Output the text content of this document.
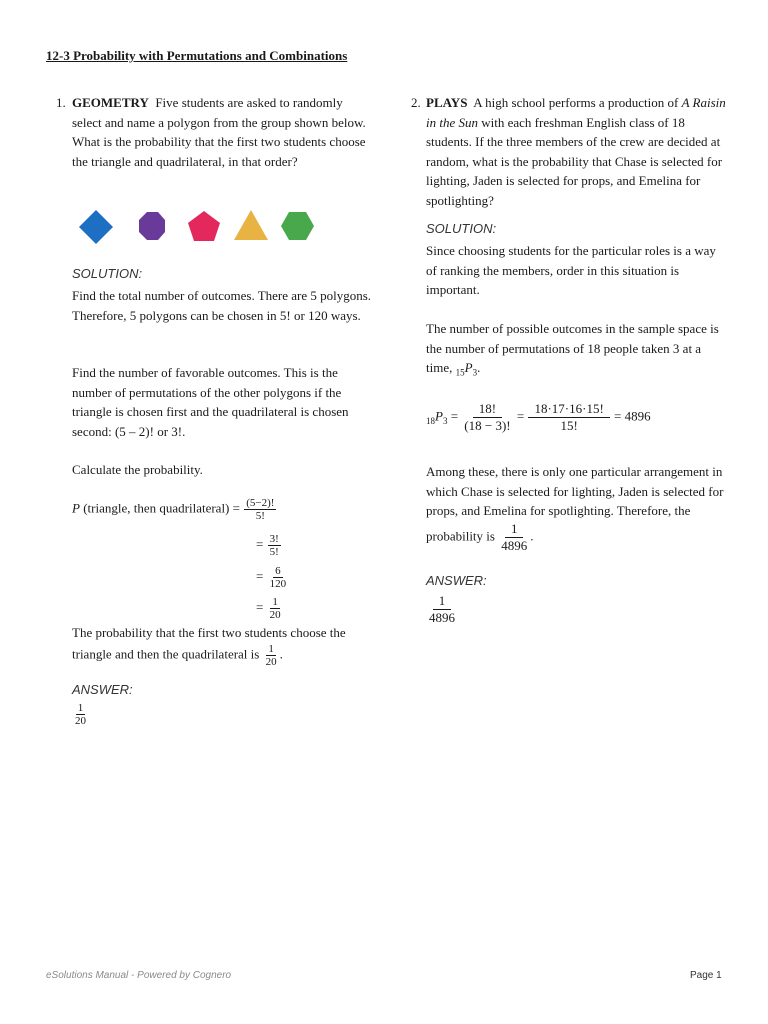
12-3 Probability with Permutations and Combinations
1. GEOMETRY Five students are asked to randomly select and name a polygon from the group shown below. What is the probability that the first two students choose the triangle and quadrilateral, in that order?

SOLUTION:

Find the total number of outcomes. There are 5 polygons. Therefore, 5 polygons can be chosen in 5! or 120 ways.

Find the number of favorable outcomes. This is the number of permutations of the other polygons if the triangle is chosen first and the quadrilateral is chosen second: (5 – 2)! or 3!.

Calculate the probability.

P (triangle, then quadrilateral) = $\frac{(5-2)!}{5!}$
= $\frac{3!}{5!}$
= $\frac{6}{120}$
= $\frac{1}{20}$

The probability that the first two students choose the triangle and then the quadrilateral is $\frac{1}{20}$ .

ANSWER:

$\frac{1}{20}$
2. PLAYS A high school performs a production of A Raisin in the Sun with each freshman English class of 18 students. If the three members of the crew are decided at random, what is the probability that Chase is selected for lighting, Jaden is selected for props, and Emelina for spotlighting?

SOLUTION:

Since choosing students for the particular roles is a way of ranking the members, order in this situation is important.

The number of possible outcomes in the sample space is the number of permutations of 18 people taken 3 at a time, $_{15}P_3$.

$_{18}P_3 = \frac{18!}{(18 - 3)!} = \frac{18\cdot 17\cdot 16\cdot 15!}{15!} = 4896$

Among these, there is only one particular arrangement in which Chase is selected for lighting, Jaden is selected for props, and Emelina for spotlighting. Therefore, the probability is $\frac{1}{4896}$ .

ANSWER:

$\frac{1}{4896}$
eSolutions Manual - Powered by Cognero	Page 1
